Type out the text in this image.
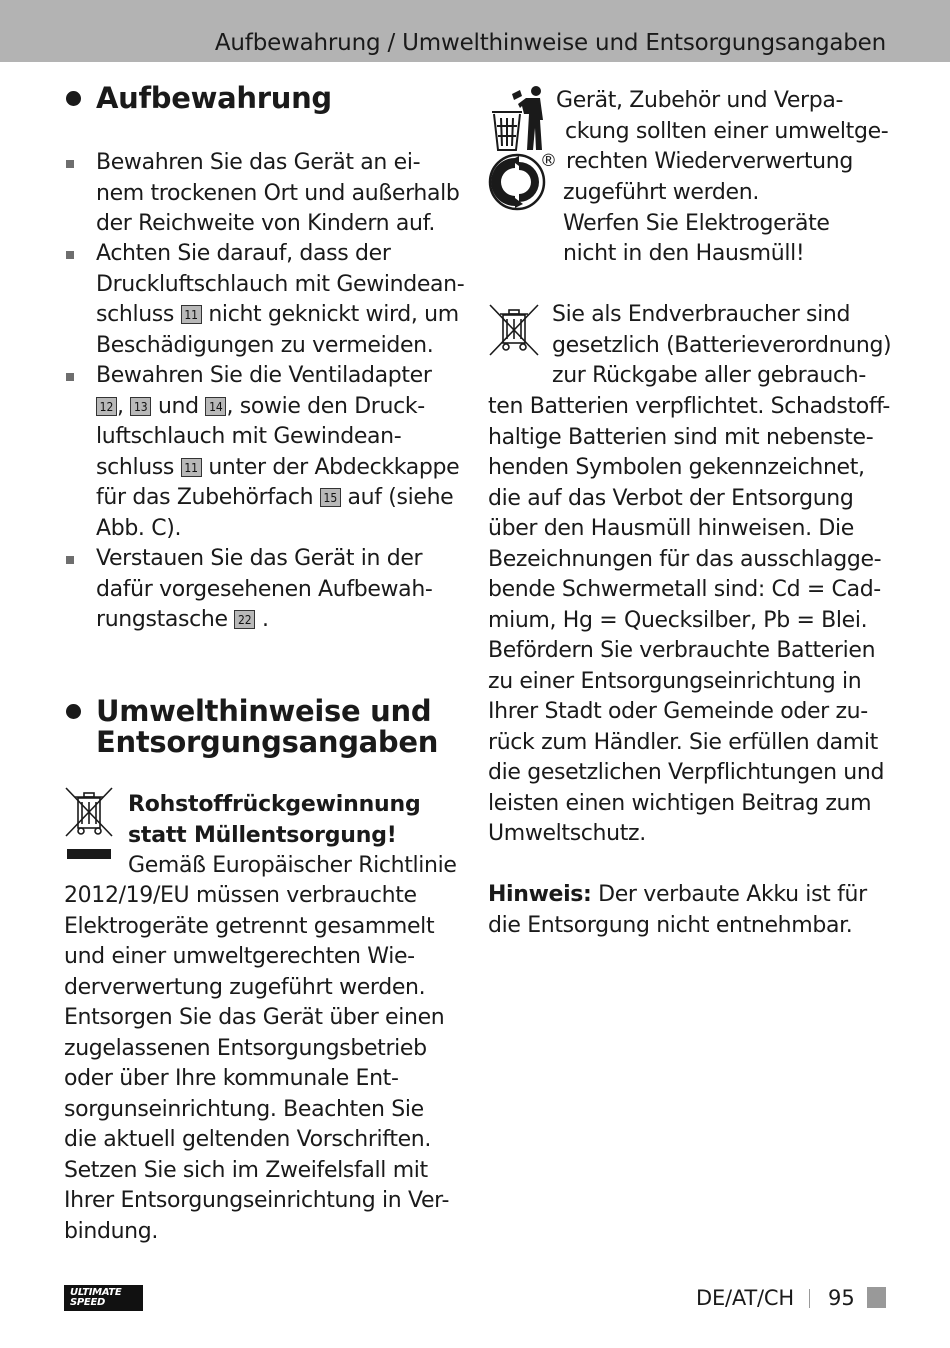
Aufbewahrung / Umwelthinweise und Entsorgungsangaben
Aufbewahrung
Bewahren Sie das Gerät an ei-
nem trockenen Ort und außerhalb
der Reichweite von Kindern auf.
Achten Sie darauf, dass der
Druckluftschlauch mit Gewindean-
schluss 11 nicht geknickt wird, um
Beschädigungen zu vermeiden.
Bewahren Sie die Ventiladapter
12 , 13 und 14 , sowie den Druck-
luftschlauch mit Gewindean-
schluss 11 unter der Abdeckkappe
für das Zubehörfach 15 auf (siehe
Abb. C).
Verstauen Sie das Gerät in der
dafür vorgesehenen Aufbewah-
rungstasche 22 .
Umwelthinweise und
Entsorgungsangaben
Rohstoffrückgewinnung
statt Müllentsorgung!
Gemäß Europäischer Richtlinie
2012/19/EU müssen verbrauchte
Elektrogeräte getrennt gesammelt
und einer umweltgerechten Wie-
derverwertung zugeführt werden.
Entsorgen Sie das Gerät über einen
zugelassenen Entsorgungsbetrieb
oder über Ihre kommunale Ent-
sorgunseinrichtung. Beachten Sie
die aktuell geltenden Vorschriften.
Setzen Sie sich im Zweifelsfall mit
Ihrer Entsorgungseinrichtung in Ver-
bindung.
®
Gerät, Zubehör und Verpa-
ckung sollten einer umweltge-
rechten Wiederverwertung
zugeführt werden.
Werfen Sie Elektrogeräte
nicht in den Hausmüll!
Sie als Endverbraucher sind
gesetzlich (Batterieverordnung)
zur Rückgabe aller gebrauch-
ten Batterien verpflichtet. Schadstoff-
haltige Batterien sind mit nebenste-
henden Symbolen gekennzeichnet,
die auf das Verbot der Entsorgung
über den Hausmüll hinweisen. Die
Bezeichnungen für das ausschlagge-
bende Schwermetall sind: Cd = Cad-
mium, Hg = Quecksilber, Pb = Blei.
Befördern Sie verbrauchte Batterien
zu einer Entsorgungseinrichtung in
Ihrer Stadt oder Gemeinde oder zu-
rück zum Händler. Sie erfüllen damit
die gesetzlichen Verpflichtungen und
leisten einen wichtigen Beitrag zum
Umweltschutz.
Hinweis: Der verbaute Akku ist für
die Entsorgung nicht entnehmbar.
ULTIMATE SPEED	DE/AT/CH 95
